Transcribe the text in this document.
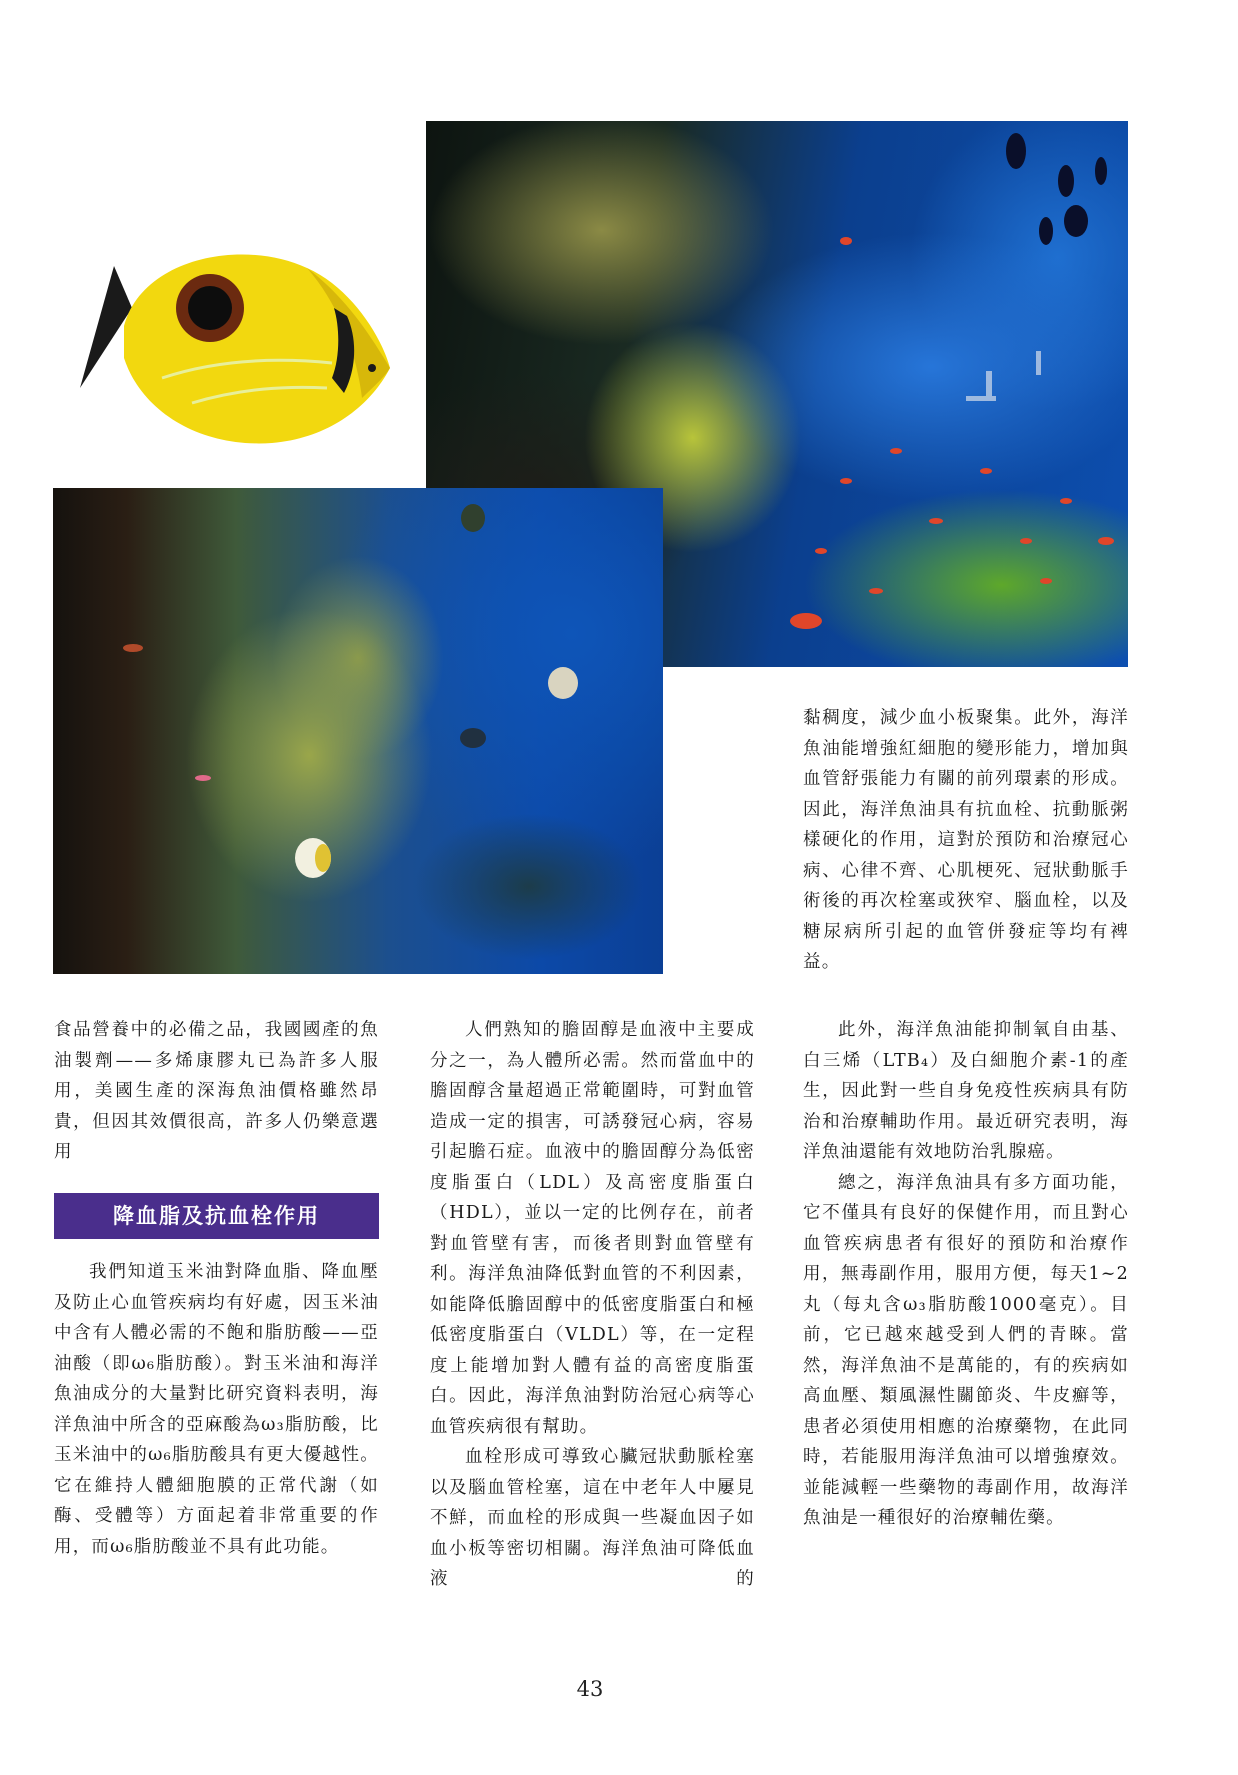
黏稠度，減少血小板聚集。此外，海洋魚油能增強紅細胞的變形能力，增加與血管舒張能力有關的前列環素的形成。因此，海洋魚油具有抗血栓、抗動脈粥樣硬化的作用，這對於預防和治療冠心病、心律不齊、心肌梗死、冠狀動脈手術後的再次栓塞或狹窄、腦血栓，以及糖尿病所引起的血管併發症等均有裨益。

食品營養中的必備之品，我國國產的魚油製劑——多烯康膠丸已為許多人服用，美國生產的深海魚油價格雖然昂貴，但因其效價很高，許多人仍樂意選用

降血脂及抗血栓作用

我們知道玉米油對降血脂、降血壓及防止心血管疾病均有好處，因玉米油中含有人體必需的不飽和脂肪酸——亞油酸（即ω₆脂肪酸）。對玉米油和海洋魚油成分的大量對比研究資料表明，海洋魚油中所含的亞麻酸為ω₃脂肪酸，比玉米油中的ω₆脂肪酸具有更大優越性。它在維持人體細胞膜的正常代謝（如酶、受體等）方面起着非常重要的作用，而ω₆脂肪酸並不具有此功能。

人們熟知的膽固醇是血液中主要成分之一，為人體所必需。然而當血中的膽固醇含量超過正常範圍時，可對血管造成一定的損害，可誘發冠心病，容易引起膽石症。血液中的膽固醇分為低密度脂蛋白（LDL）及高密度脂蛋白（HDL），並以一定的比例存在，前者對血管壁有害，而後者則對血管壁有利。海洋魚油降低對血管的不利因素，如能降低膽固醇中的低密度脂蛋白和極低密度脂蛋白（VLDL）等，在一定程度上能增加對人體有益的高密度脂蛋白。因此，海洋魚油對防治冠心病等心血管疾病很有幫助。

血栓形成可導致心臟冠狀動脈栓塞以及腦血管栓塞，這在中老年人中屢見不鮮，而血栓的形成與一些凝血因子如血小板等密切相關。海洋魚油可降低血液的

此外，海洋魚油能抑制氧自由基、白三烯（LTB₄）及白細胞介素-1的產生，因此對一些自身免疫性疾病具有防治和治療輔助作用。最近研究表明，海洋魚油還能有效地防治乳腺癌。

總之，海洋魚油具有多方面功能，它不僅具有良好的保健作用，而且對心血管疾病患者有很好的預防和治療作用，無毒副作用，服用方便，每天1~2丸（每丸含ω₃脂肪酸1000毫克）。目前，它已越來越受到人們的青睞。當然，海洋魚油不是萬能的，有的疾病如高血壓、類風濕性關節炎、牛皮癬等，患者必須使用相應的治療藥物，在此同時，若能服用海洋魚油可以增強療效。並能減輕一些藥物的毒副作用，故海洋魚油是一種很好的治療輔佐藥。

43
